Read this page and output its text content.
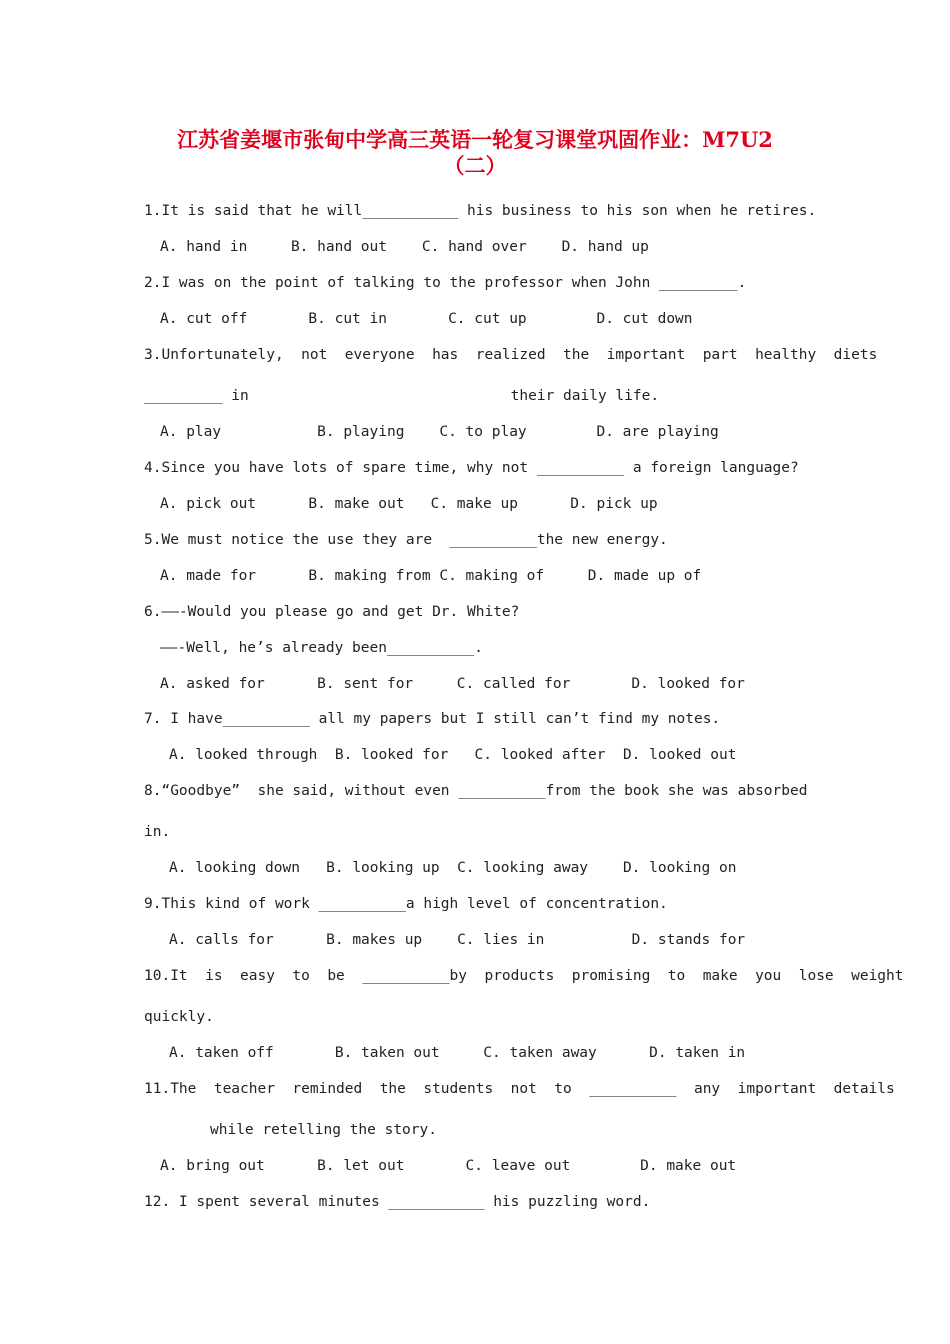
江苏省姜堰市张甸中学高三英语一轮复习课堂巩固作业：M7U2
（二）
1.It is said that he will___________ his business to his son when he retires.
A. hand in     B. hand out    C. hand over    D. hand up
2.I was on the point of talking to the professor when John _________.
A. cut off       B. cut in       C. cut up        D. cut down
3.Unfortunately,  not  everyone  has  realized  the  important  part  healthy  diets
_________ in                              their daily life.
A. play           B. playing    C. to play        D. are playing
4.Since you have lots of spare time, why not __________ a foreign language?
A. pick out      B. make out   C. make up      D. pick up
5.We must notice the use they are  __________the new energy.
A. made for      B. making from C. making of     D. made up of
6.——-Would you please go and get Dr. White?
——-Well, he’s already been__________.
A. asked for      B. sent for     C. called for       D. looked for
7. I have__________ all my papers but I still can’t find my notes.
A. looked through  B. looked for   C. looked after  D. looked out
8.“Goodbye”  she said, without even __________from the book she was absorbed
in.
A. looking down   B. looking up  C. looking away    D. looking on
9.This kind of work __________a high level of concentration.
A. calls for      B. makes up    C. lies in          D. stands for
10.It  is  easy  to  be  __________by  products  promising  to  make  you  lose  weight
quickly.
A. taken off       B. taken out     C. taken away      D. taken in
11.The  teacher  reminded  the  students  not  to  __________  any  important  details
while retelling the story.
A. bring out      B. let out       C. leave out        D. make out
12. I spent several minutes ___________ his puzzling word.
